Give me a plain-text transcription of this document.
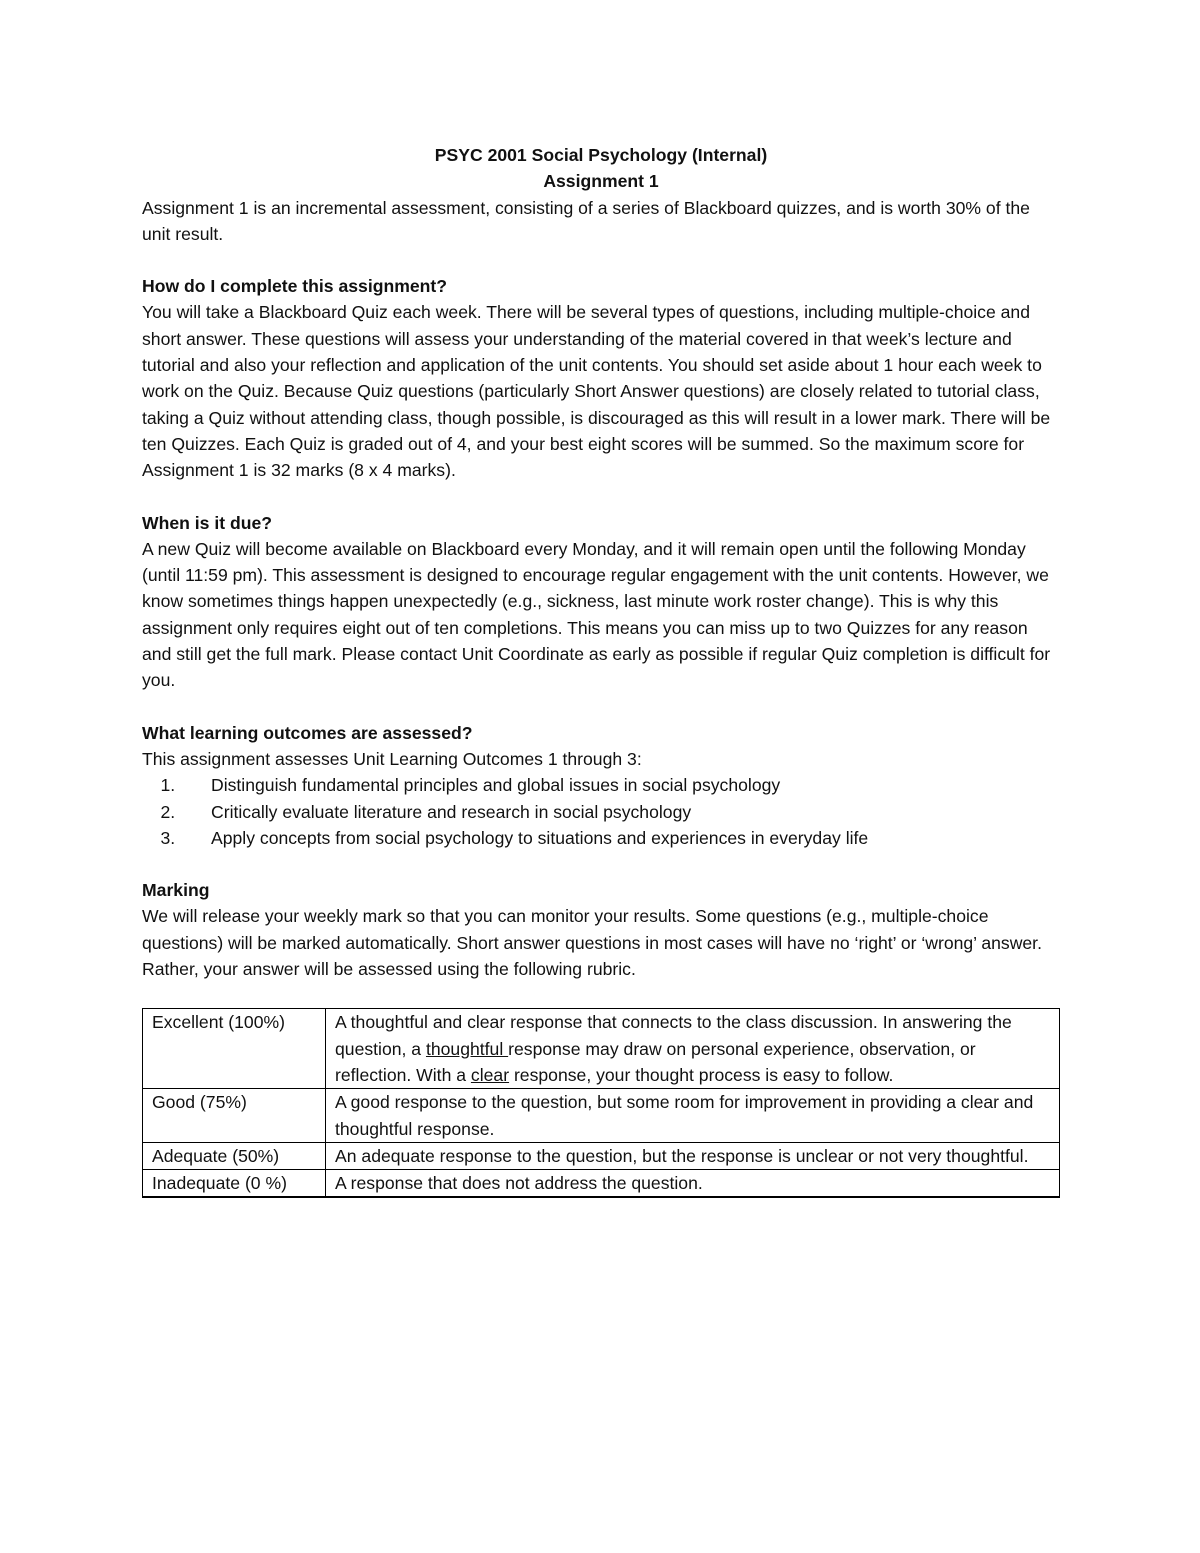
PSYC 2001 Social Psychology (Internal)
Assignment 1

Assignment 1 is an incremental assessment, consisting of a series of Blackboard quizzes, and is worth 30% of the unit result.

How do I complete this assignment?

You will take a Blackboard Quiz each week. There will be several types of questions, including multiple-choice and short answer. These questions will assess your understanding of the material covered in that week’s lecture and tutorial and also your reflection and application of the unit contents. You should set aside about 1 hour each week to work on the Quiz. Because Quiz questions (particularly Short Answer questions) are closely related to tutorial class, taking a Quiz without attending class, though possible, is discouraged as this will result in a lower mark. There will be ten Quizzes. Each Quiz is graded out of 4, and your best eight scores will be summed. So the maximum score for Assignment 1 is 32 marks (8 x 4 marks).

When is it due?

A new Quiz will become available on Blackboard every Monday, and it will remain open until the following Monday (until 11:59 pm). This assessment is designed to encourage regular engagement with the unit contents. However, we know sometimes things happen unexpectedly (e.g., sickness, last minute work roster change). This is why this assignment only requires eight out of ten completions. This means you can miss up to two Quizzes for any reason and still get the full mark. Please contact Unit Coordinate as early as possible if regular Quiz completion is difficult for you.

What learning outcomes are assessed?

This assignment assesses Unit Learning Outcomes 1 through 3:

1. Distinguish fundamental principles and global issues in social psychology
2. Critically evaluate literature and research in social psychology
3. Apply concepts from social psychology to situations and experiences in everyday life

Marking

We will release your weekly mark so that you can monitor your results. Some questions (e.g., multiple-choice questions) will be marked automatically. Short answer questions in most cases will have no ‘right’ or ‘wrong’ answer. Rather, your answer will be assessed using the following rubric.

Excellent (100%)	A thoughtful and clear response that connects to the class discussion. In answering the question, a thoughtful response may draw on personal experience, observation, or reflection. With a clear response, your thought process is easy to follow.
Good (75%)	A good response to the question, but some room for improvement in providing a clear and thoughtful response.
Adequate (50%)	An adequate response to the question, but the response is unclear or not very thoughtful.
Inadequate (0 %)	A response that does not address the question.
